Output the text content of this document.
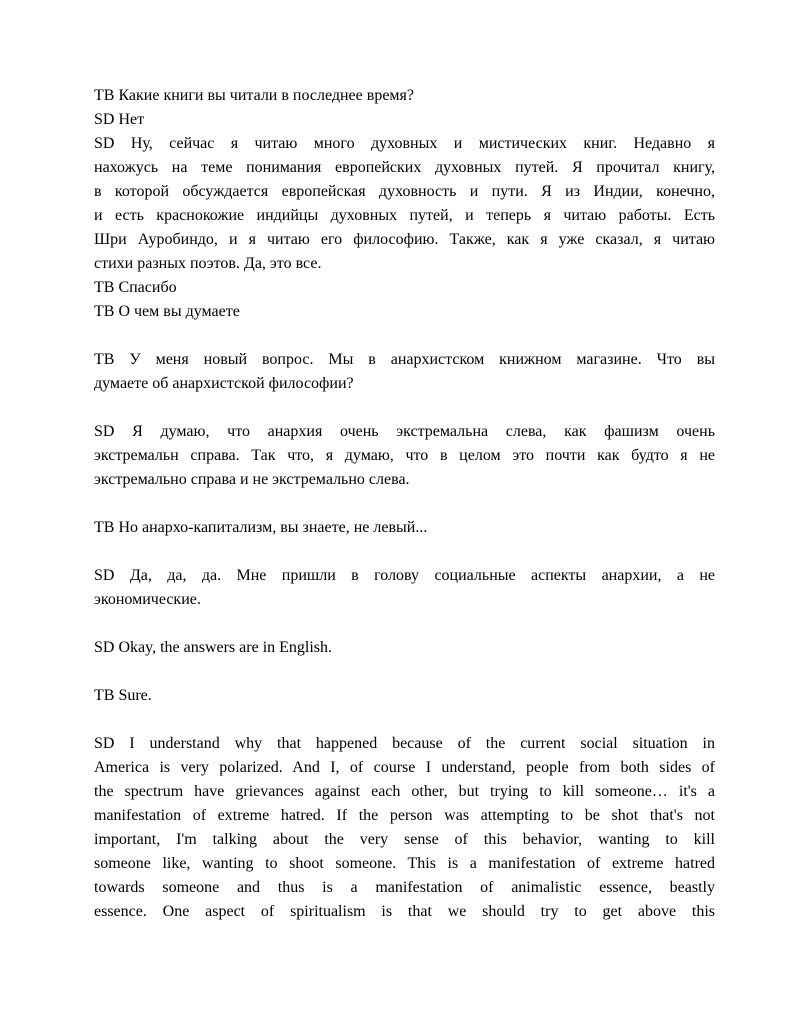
ТВ Какие книги вы читали в последнее время?
SD Нет
SD Ну, сейчас я читаю много духовных и мистических книг. Недавно я
нахожусь на теме понимания европейских духовных путей. Я прочитал книгу,
в которой обсуждается европейская духовность и пути. Я из Индии, конечно,
и есть краснокожие индийцы духовных путей, и теперь я читаю работы. Есть
Шри Ауробиндо, и я читаю его философию. Также, как я уже сказал, я читаю
стихи разных поэтов. Да, это все.
ТВ Спасибо
ТВ О чем вы думаете

ТВ У меня новый вопрос. Мы в анархистском книжном магазине. Что вы
думаете об анархистской философии?

SD Я думаю, что анархия очень экстремальна слева, как фашизм очень
экстремальн справа. Так что, я думаю, что в целом это почти как будто я не
экстремально справа и не экстремально слева.

ТВ Но анархо-капитализм, вы знаете, не левый...

SD Да, да, да. Мне пришли в голову социальные аспекты анархии, а не
экономические.

SD Okay, the answers are in English.

ТВ Sure.

SD I understand why that happened because of the current social situation in
America is very polarized. And I, of course I understand, people from both sides of
the spectrum have grievances against each other, but trying to kill someone… it's a
manifestation of extreme hatred. If the person was attempting to be shot that's not
important, I'm talking about the very sense of this behavior, wanting to kill
someone like, wanting to shoot someone. This is a manifestation of extreme hatred
towards someone and thus is a manifestation of animalistic essence, beastly
essence. One aspect of spiritualism is that we should try to get above this
